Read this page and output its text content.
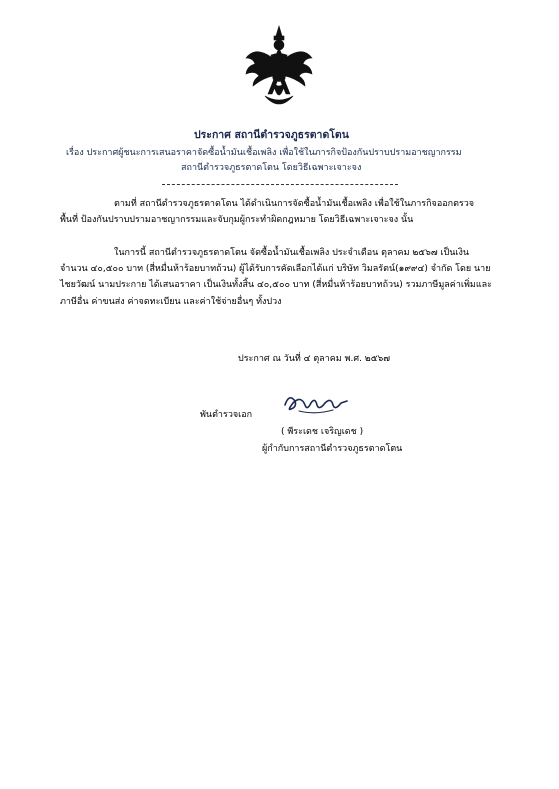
ประกาศ สถานีตำรวจภูธรตาดโตน
เรื่อง ประกาศผู้ชนะการเสนอราคาจัดซื้อน้ำมันเชื้อเพลิง เพื่อใช้ในภารกิจป้องกันปราบปรามอาชญากรรม
สถานีตำรวจภูธรตาดโตน โดยวิธีเฉพาะเจาะจง
ตามที่ สถานีตำรวจภูธรตาดโตน ได้ดำเนินการจัดซื้อน้ำมันเชื้อเพลิง เพื่อใช้ในภารกิจออกตรวจ
พื้นที่ ป้องกันปราบปรามอาชญากรรมและจับกุมผู้กระทำผิดกฎหมาย โดยวิธีเฉพาะเจาะจง นั้น
ในการนี้ สถานีตำรวจภูธรตาดโตน จัดซื้อน้ำมันเชื้อเพลิง ประจำเดือน ตุลาคม ๒๕๖๗ เป็นเงิน
จำนวน ๔๐,๕๐๐ บาท (สี่หมื่นห้าร้อยบาทถ้วน) ผู้ได้รับการคัดเลือกได้แก่ บริษัท วิมลรัตน์(๑๙๙๔) จำกัด โดย นาย
ไชยวัฒน์ นามประกาย ได้เสนอราคา เป็นเงินทั้งสิ้น ๔๐,๕๐๐ บาท (สี่หมื่นห้าร้อยบาทถ้วน) รวมภาษีมูลค่าเพิ่มและ
ภาษีอื่น ค่าขนส่ง ค่าจดทะเบียน และค่าใช้จ่ายอื่นๆ ทั้งปวง
ประกาศ ณ วันที่ ๔ ตุลาคม พ.ศ. ๒๕๖๗
พันตำรวจเอก
( พีระเดช เจริญเดช )
ผู้กำกับการสถานีตำรวจภูธรตาดโตน
